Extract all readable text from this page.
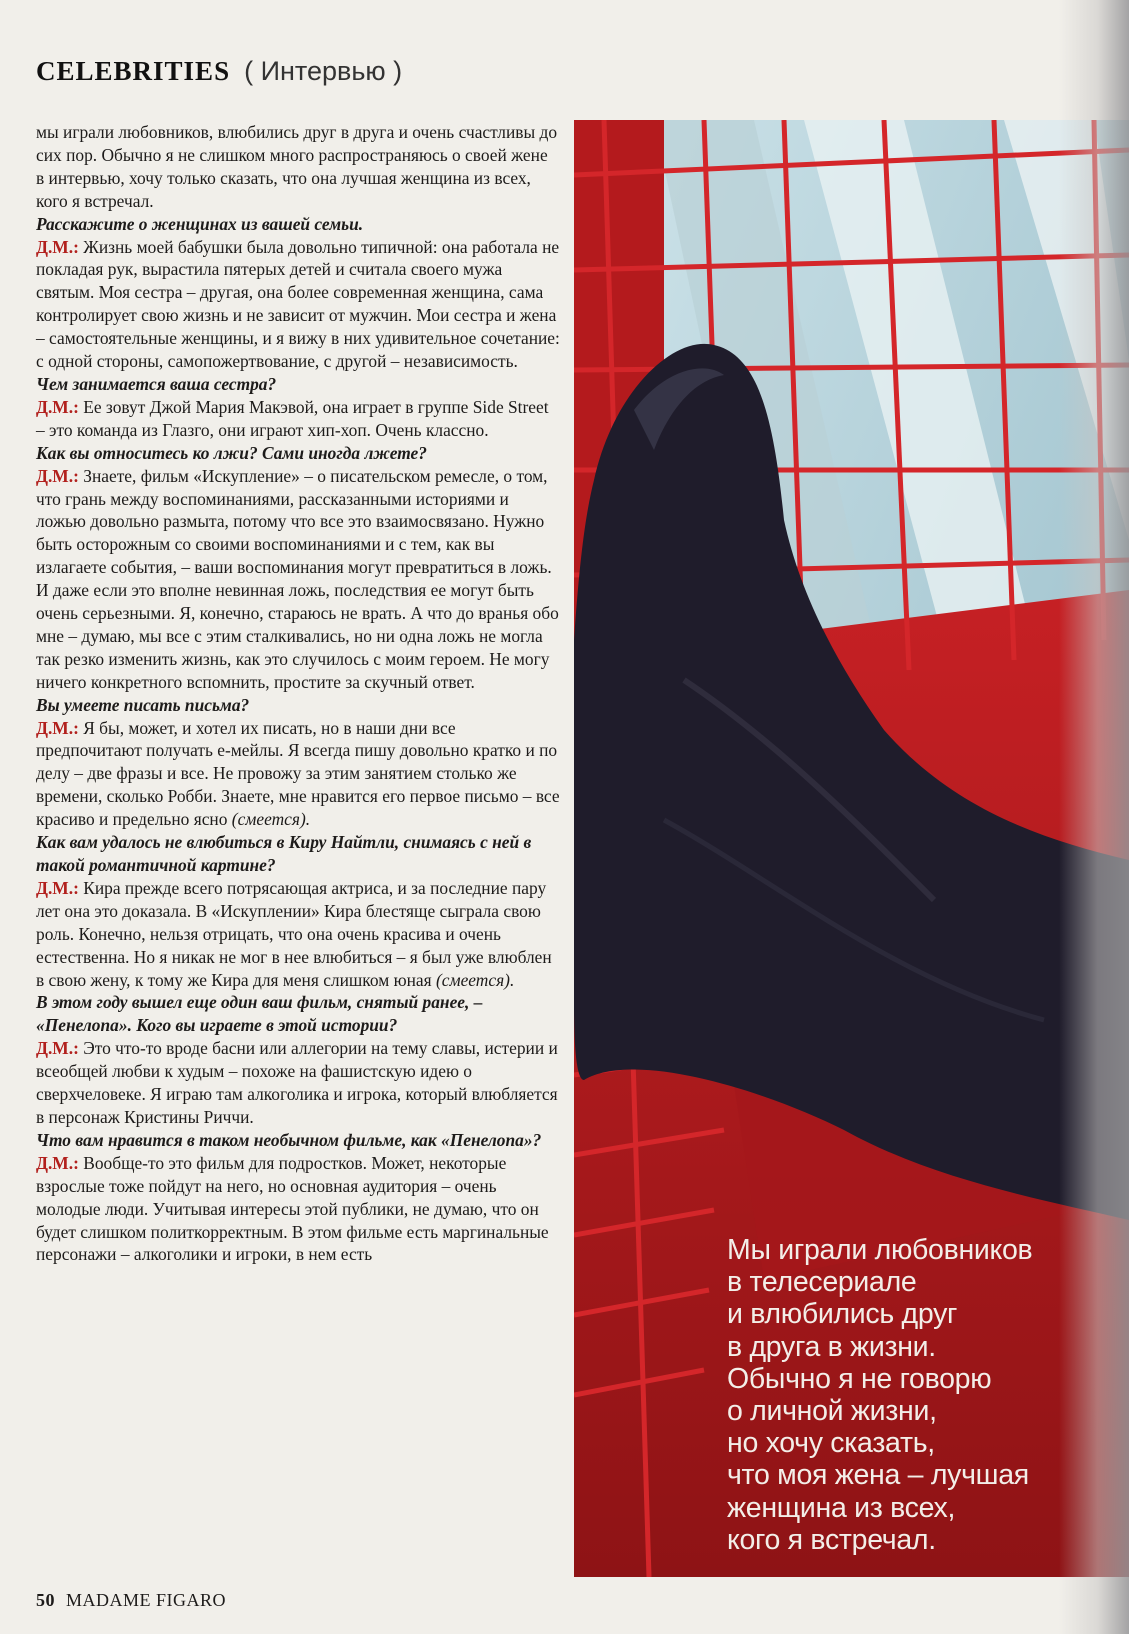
CELEBRITIES ( Интервью )

мы играли любовников, влюбились друг в друга и очень счастливы до сих пор. Обычно я не слишком много распространяюсь о своей жене в интервью, хочу только сказать, что она лучшая женщина из всех, кого я встречал.

Расскажите о женщинах из вашей семьи.

Д.М.: Жизнь моей бабушки была довольно типичной: она работала не покладая рук, вырастила пятерых детей и считала своего мужа святым. Моя сестра – другая, она более современная женщина, сама контролирует свою жизнь и не зависит от мужчин. Мои сестра и жена – самостоятельные женщины, и я вижу в них удивительное сочетание: с одной стороны, самопожертвование, с другой – независимость.

Чем занимается ваша сестра?

Д.М.: Ее зовут Джой Мария Макэвой, она играет в группе Side Street – это команда из Глазго, они играют хип-хоп. Очень классно.

Как вы относитесь ко лжи? Сами иногда лжете?

Д.М.: Знаете, фильм «Искупление» – о писательском ремесле, о том, что грань между воспоминаниями, рассказанными историями и ложью довольно размыта, потому что все это взаимосвязано. Нужно быть осторожным со своими воспоминаниями и с тем, как вы излагаете события, – ваши воспоминания могут превратиться в ложь. И даже если это вполне невинная ложь, последствия ее могут быть очень серьезными. Я, конечно, стараюсь не врать. А что до вранья обо мне – думаю, мы все с этим сталкивались, но ни одна ложь не могла так резко изменить жизнь, как это случилось с моим героем. Не могу ничего конкретного вспомнить, простите за скучный ответ.

Вы умеете писать письма?

Д.М.: Я бы, может, и хотел их писать, но в наши дни все предпочитают получать е-мейлы. Я всегда пишу довольно кратко и по делу – две фразы и все. Не провожу за этим занятием столько же времени, сколько Робби. Знаете, мне нравится его первое письмо – все красиво и предельно ясно (смеется).

Как вам удалось не влюбиться в Киру Найтли, снимаясь с ней в такой романтичной картине?

Д.М.: Кира прежде всего потрясающая актриса, и за последние пару лет она это доказала. В «Искуплении» Кира блестяще сыграла свою роль. Конечно, нельзя отрицать, что она очень красива и очень естественна. Но я никак не мог в нее влюбиться – я был уже влюблен в свою жену, к тому же Кира для меня слишком юная (смеется).

В этом году вышел еще один ваш фильм, снятый ранее, – «Пенелопа». Кого вы играете в этой истории?

Д.М.: Это что-то вроде басни или аллегории на тему славы, истерии и всеобщей любви к худым – похоже на фашистскую идею о сверхчеловеке. Я играю там алкоголика и игрока, который влюбляется в персонаж Кристины Риччи.

Что вам нравится в таком необычном фильме, как «Пенелопа»?

Д.М.: Вообще-то это фильм для подростков. Может, некоторые взрослые тоже пойдут на него, но основная аудитория – очень молодые люди. Учитывая интересы этой публики, не думаю, что он будет слишком политкорректным. В этом фильме есть маргинальные персонажи – алкоголики и игроки, в нем есть	Мы играли любовников
в телесериале
и влюбились друг
в друга в жизни.
Обычно я не говорю
о личной жизни,
но хочу сказать,
что моя жена – лучшая
женщина из всех,
кого я встречал.
50 MADAME FIGARO
